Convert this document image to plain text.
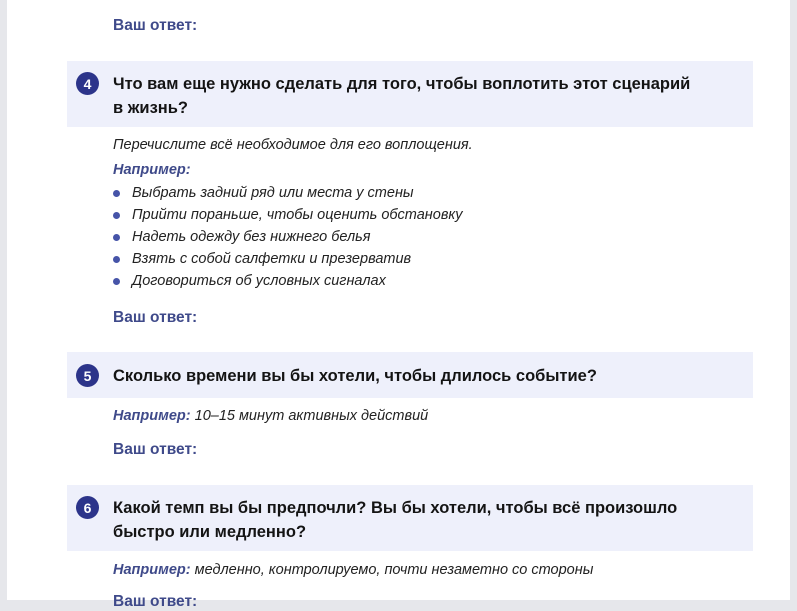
Ваш ответ:
4	Что вам еще нужно сделать для того, чтобы воплотить этот сценарий
в жизнь?
Перечислите всё необходимое для его воплощения.
Например:
Выбрать задний ряд или места у стены
Прийти пораньше, чтобы оценить обстановку
Надеть одежду без нижнего белья
Взять с собой салфетки и презерватив
Договориться об условных сигналах
Ваш ответ:
5	Сколько времени вы бы хотели, чтобы длилось событие?
Например: 10–15 минут активных действий
Ваш ответ:
6	Какой темп вы бы предпочли? Вы бы хотели, чтобы всё произошло
быстро или медленно?
Например: медленно, контролируемо, почти незаметно со стороны
Ваш ответ:
